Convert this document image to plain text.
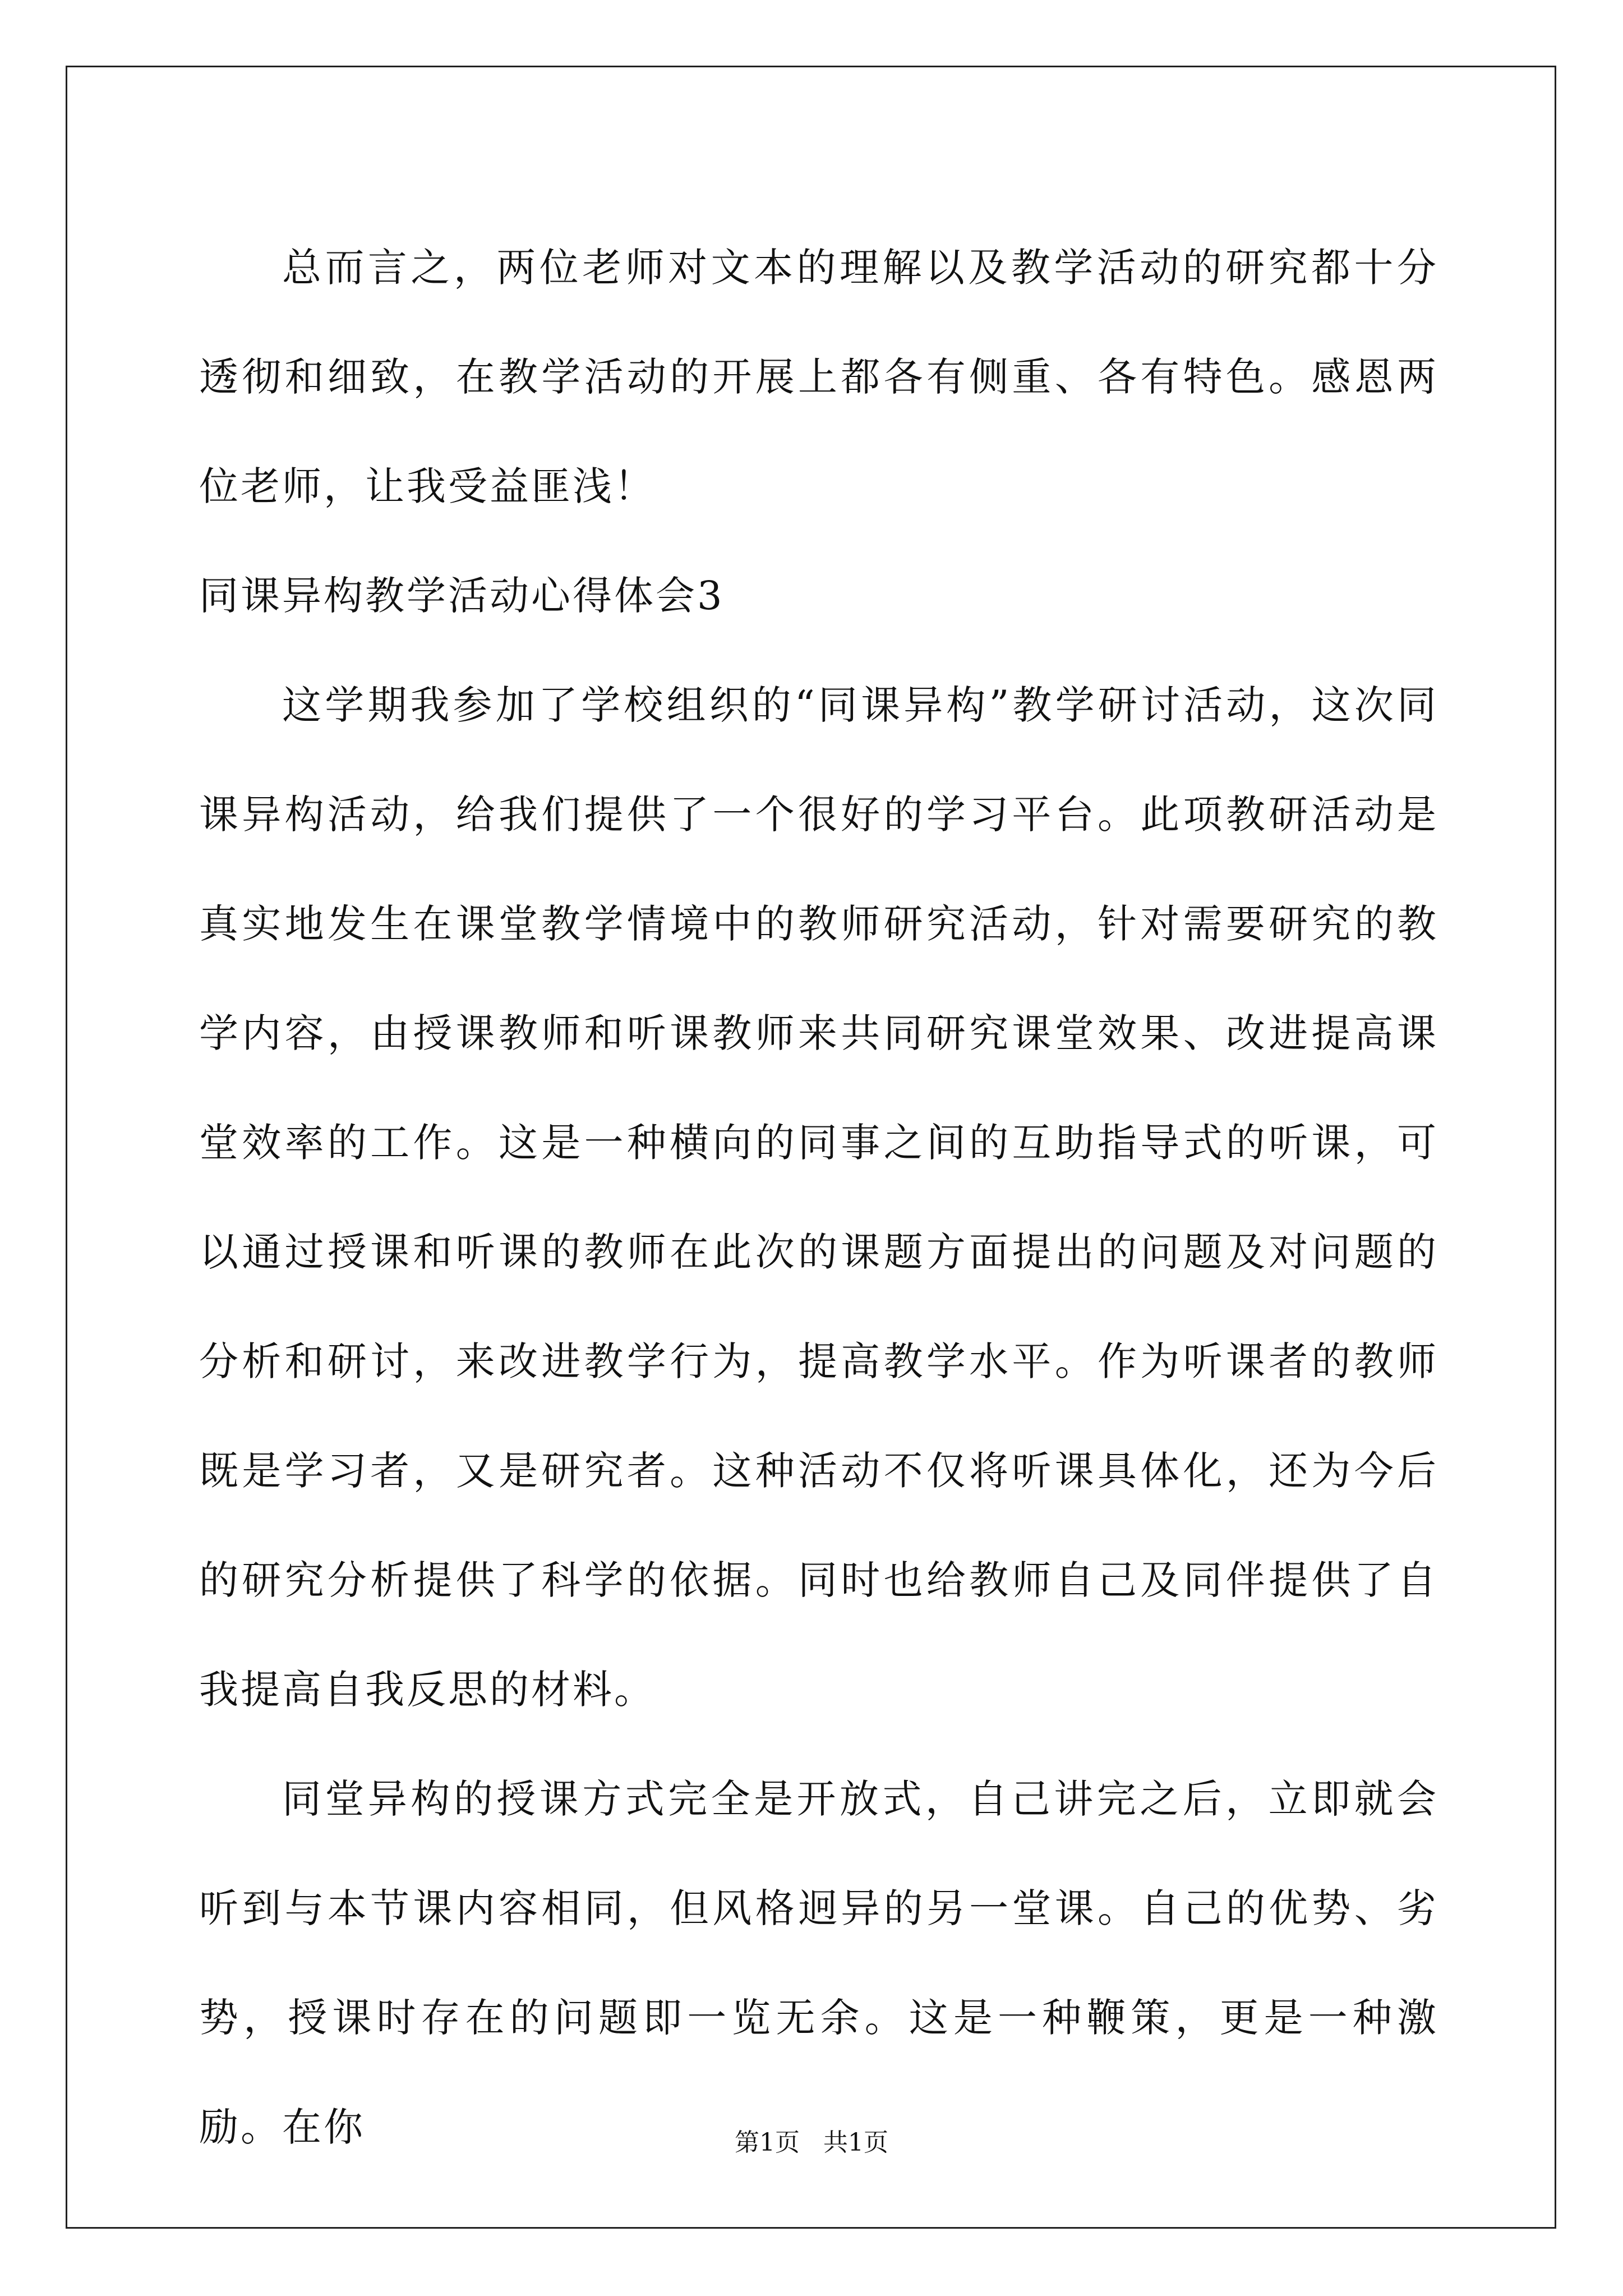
总而言之，两位老师对文本的理解以及教学活动的研究都十分透彻和细致，在教学活动的开展上都各有侧重、各有特色。感恩两位老师，让我受益匪浅！

同课异构教学活动心得体会3

这学期我参加了学校组织的“同课异构”教学研讨活动，这次同课异构活动，给我们提供了一个很好的学习平台。此项教研活动是真实地发生在课堂教学情境中的教师研究活动，针对需要研究的教学内容，由授课教师和听课教师来共同研究课堂效果、改进提高课堂效率的工作。这是一种横向的同事之间的互助指导式的听课，可以通过授课和听课的教师在此次的课题方面提出的问题及对问题的分析和研讨，来改进教学行为，提高教学水平。作为听课者的教师既是学习者，又是研究者。这种活动不仅将听课具体化，还为今后的研究分析提供了科学的依据。同时也给教师自己及同伴提供了自我提高自我反思的材料。

同堂异构的授课方式完全是开放式，自己讲完之后，立即就会听到与本节课内容相同，但风格迥异的另一堂课。自己的优势、劣势，授课时存在的问题即一览无余。这是一种鞭策，更是一种激励。在你	第1页   共1页
